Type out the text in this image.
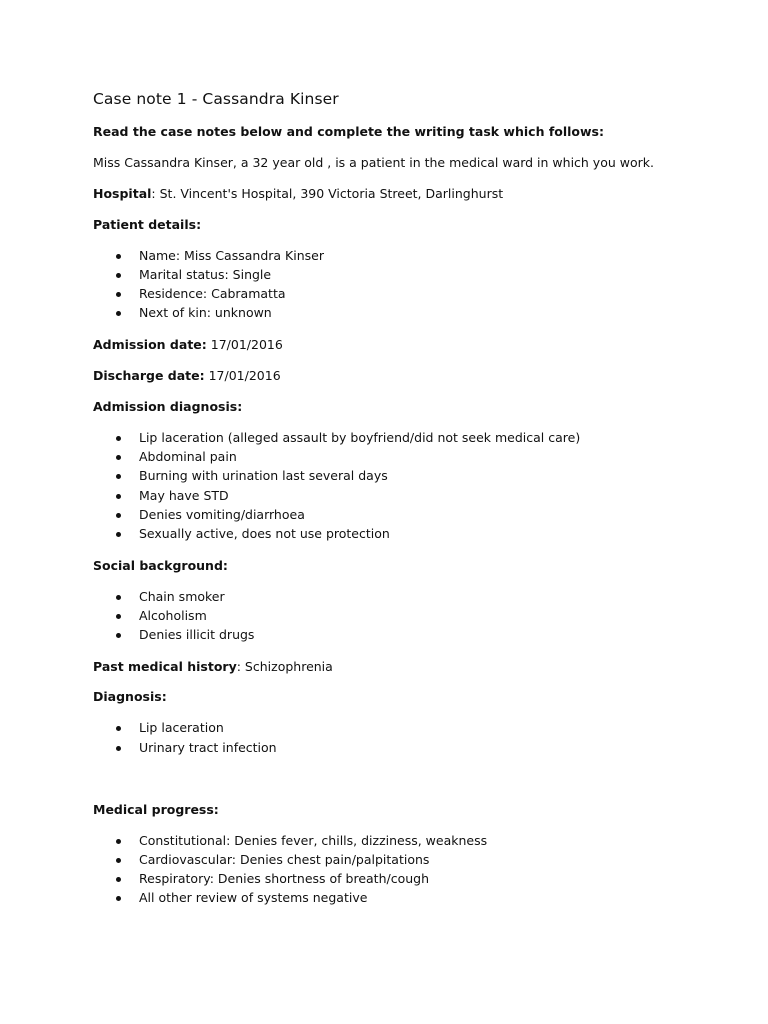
Case note 1 - Cassandra Kinser
Read the case notes below and complete the writing task which follows:
Miss Cassandra Kinser, a 32 year old , is a patient in the medical ward in which you work.
Hospital: St. Vincent's Hospital, 390 Victoria Street, Darlinghurst
Patient details:
Name: Miss Cassandra Kinser
Marital status: Single
Residence: Cabramatta
Next of kin: unknown
Admission date: 17/01/2016
Discharge date: 17/01/2016
Admission diagnosis:
Lip laceration (alleged assault by boyfriend/did not seek medical care)
Abdominal pain
Burning with urination last several days
May have STD
Denies vomiting/diarrhoea
Sexually active, does not use protection
Social background:
Chain smoker
Alcoholism
Denies illicit drugs
Past medical history: Schizophrenia
Diagnosis:
Lip laceration
Urinary tract infection
Medical progress:
Constitutional: Denies fever, chills, dizziness, weakness
Cardiovascular: Denies chest pain/palpitations
Respiratory: Denies shortness of breath/cough
All other review of systems negative
